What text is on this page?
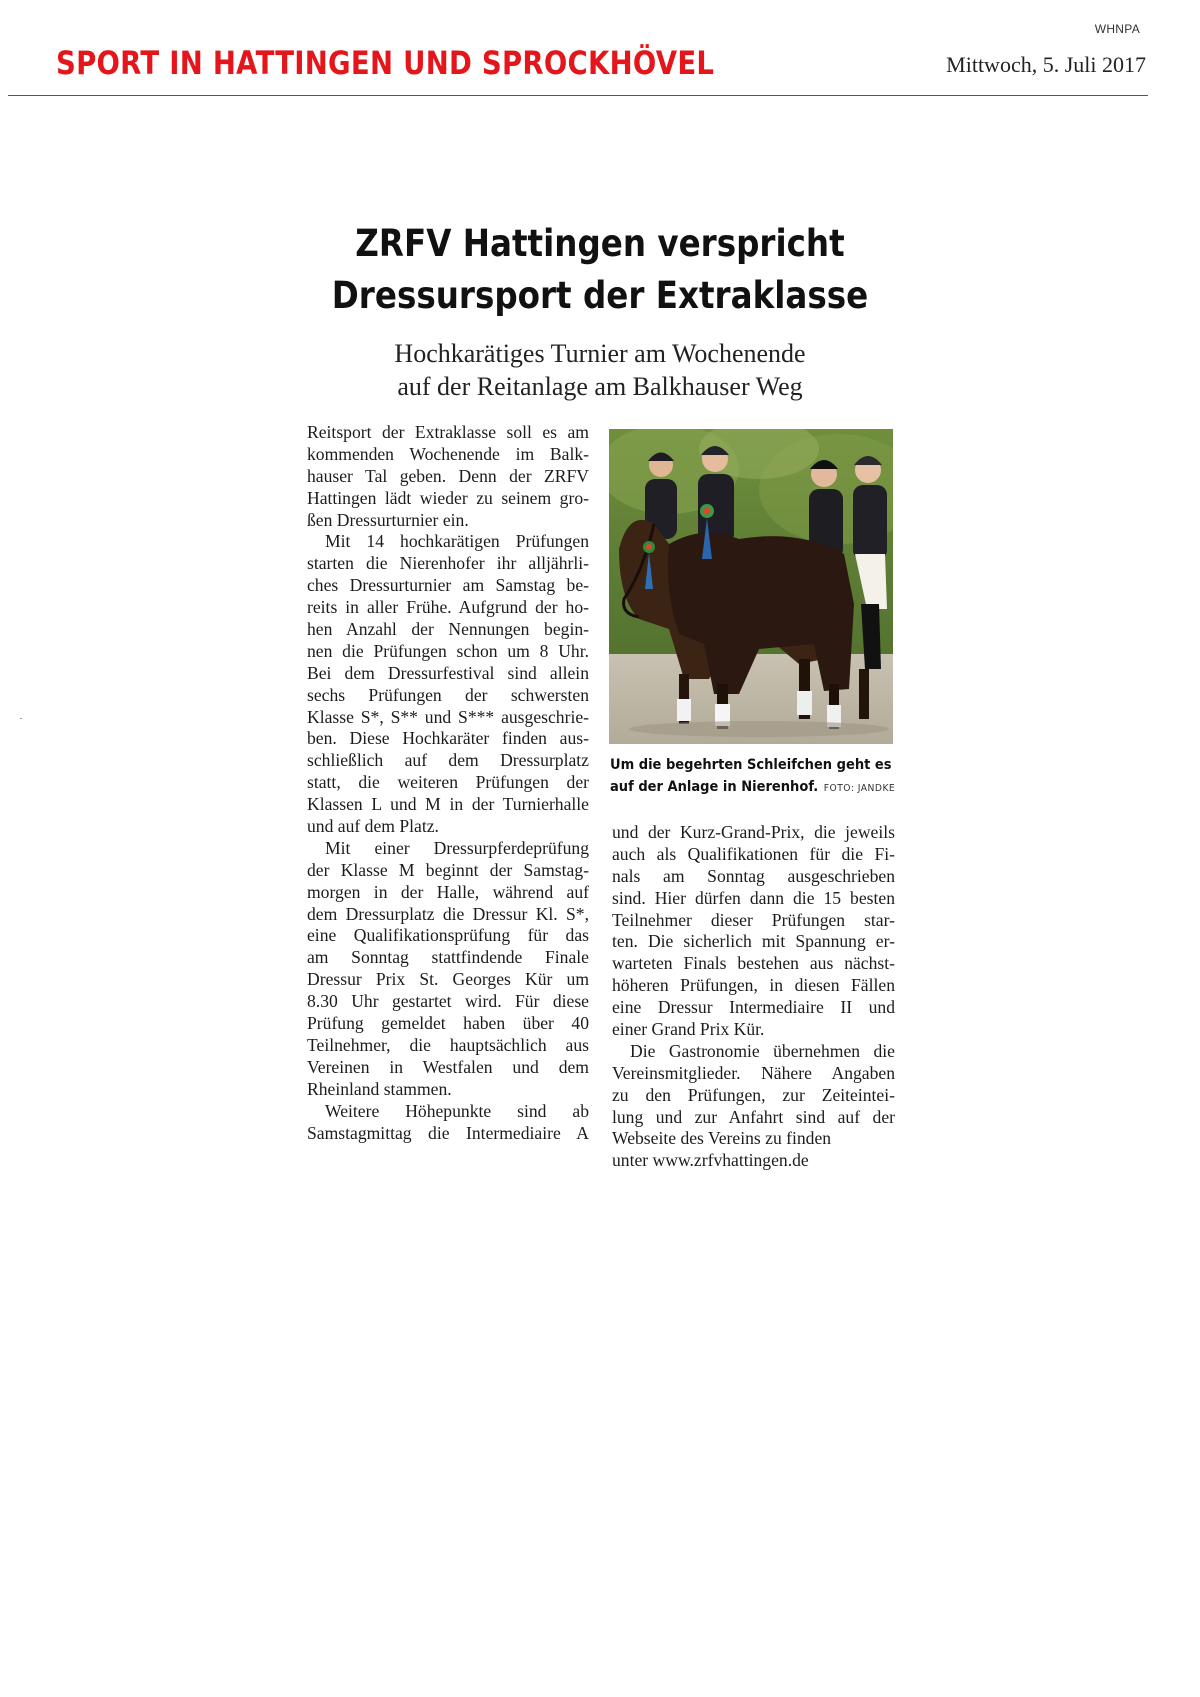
WHNPA
SPORT IN HATTINGEN UND SPROCKHÖVEL	Mittwoch, 5. Juli 2017
ZRFV Hattingen verspricht
Dressursport der Extraklasse
Hochkarätiges Turnier am Wochenende
auf der Reitanlage am Balkhauser Weg
Reitsport der Extraklasse soll es am
kommenden Wochenende im Balk-
hauser Tal geben. Denn der ZRFV
Hattingen lädt wieder zu seinem gro-
ßen Dressurturnier ein.
Mit 14 hochkarätigen Prüfungen
starten die Nierenhofer ihr alljährli-
ches Dressurturnier am Samstag be-
reits in aller Frühe. Aufgrund der ho-
hen Anzahl der Nennungen begin-
nen die Prüfungen schon um 8 Uhr.
Bei dem Dressurfestival sind allein
sechs Prüfungen der schwersten
Klasse S*, S** und S*** ausgeschrie-
ben. Diese Hochkaräter finden aus-
schließlich auf dem Dressurplatz
statt, die weiteren Prüfungen der
Klassen L und M in der Turnierhalle
und auf dem Platz.
Mit einer Dressurpferdeprüfung
der Klasse M beginnt der Samstag-
morgen in der Halle, während auf
dem Dressurplatz die Dressur Kl. S*,
eine Qualifikationsprüfung für das
am Sonntag stattfindende Finale
Dressur Prix St. Georges Kür um
8.30 Uhr gestartet wird. Für diese
Prüfung gemeldet haben über 40
Teilnehmer, die hauptsächlich aus
Vereinen in Westfalen und dem
Rheinland stammen.
Weitere Höhepunkte sind ab
Samstagmittag die Intermediaire A
Um die begehrten Schleifchen geht es
auf der Anlage in Nierenhof. FOTO: JANDKE
und der Kurz-Grand-Prix, die jeweils
auch als Qualifikationen für die Fi-
nals am Sonntag ausgeschrieben
sind. Hier dürfen dann die 15 besten
Teilnehmer dieser Prüfungen star-
ten. Die sicherlich mit Spannung er-
warteten Finals bestehen aus nächst-
höheren Prüfungen, in diesen Fällen
eine Dressur Intermediaire II und
einer Grand Prix Kür.
Die Gastronomie übernehmen die
Vereinsmitglieder. Nähere Angaben
zu den Prüfungen, zur Zeiteintei-
lung und zur Anfahrt sind auf der
Webseite des Vereins zu finden
unter www.zrfvhattingen.de
